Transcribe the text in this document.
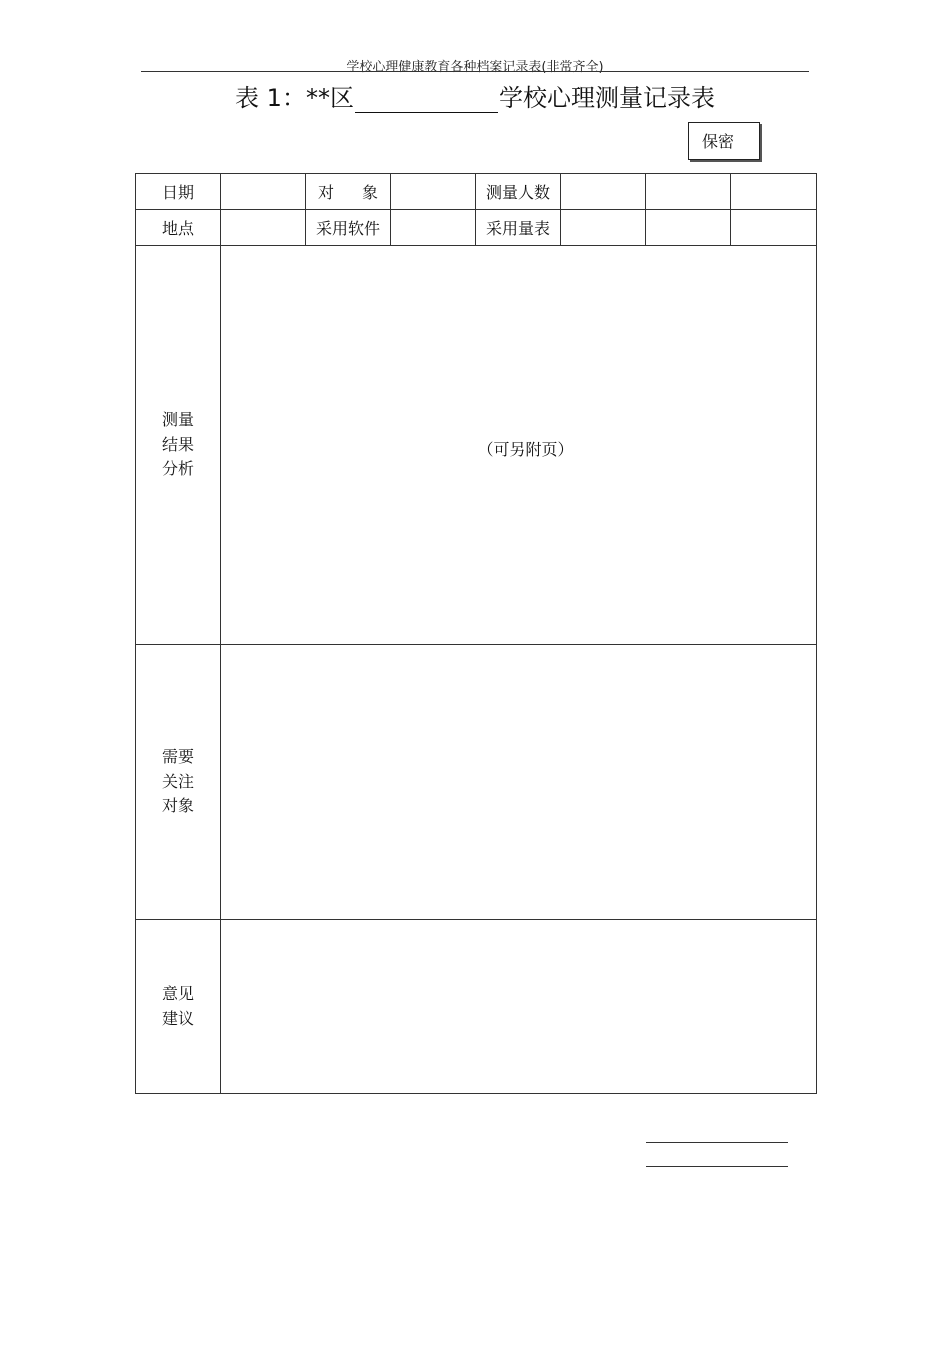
学校心理健康教育各种档案记录表(非常齐全)
表 1：**区	学校心理测量记录表
保密
日期		对 象		测量人数			
地点		采用软件		采用量表			

测量
结果
分析	（可另附页）						

需要
关注
对象							

意见
建议							
